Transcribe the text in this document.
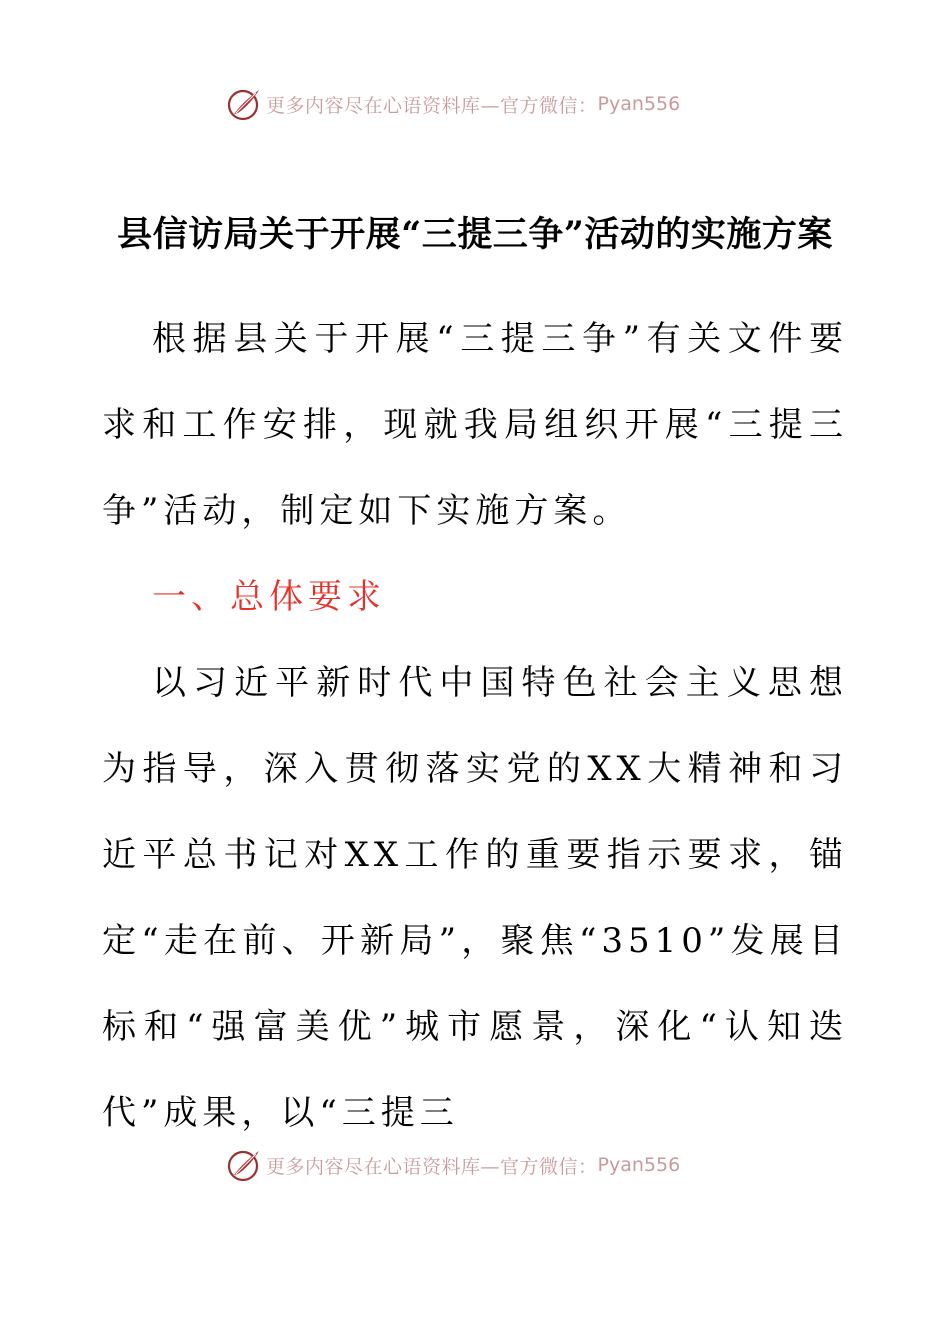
更多内容尽在心语资料库—官方微信： Pyan556
县信访局关于开展“三提三争”活动的实施方案

根据县关于开展“三提三争”有关文件要求和工作安排，现就我局组织开展“三提三争”活动，制定如下实施方案。

一、总体要求

以习近平新时代中国特色社会主义思想为指导，深入贯彻落实党的XX大精神和习近平总书记对XX工作的重要指示要求，锚定“走在前、开新局”，聚焦“3510”发展目标和“强富美优”城市愿景，深化“认知迭代”成果，以“三提三

更多内容尽在心语资料库—官方微信： Pyan556
